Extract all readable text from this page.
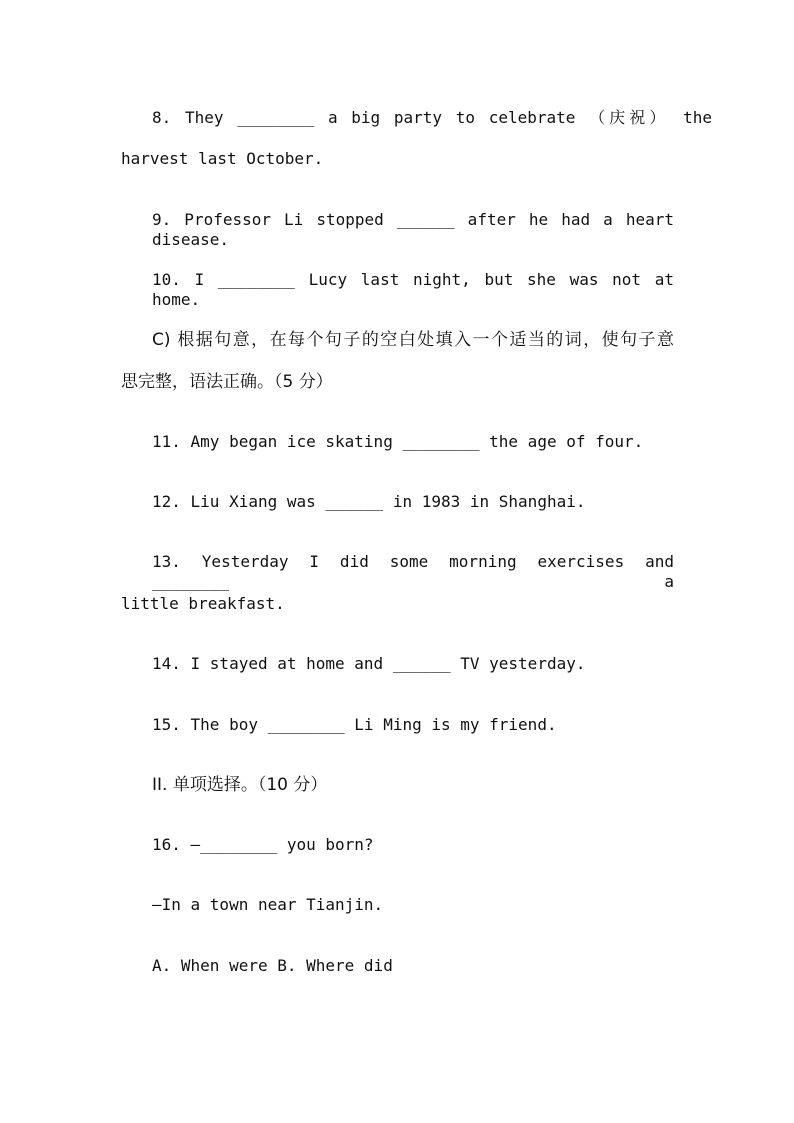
8. They ________ a big party to celebrate （庆祝） the
harvest last October.
9. Professor Li stopped ______ after he had a heart disease.
10. I ________ Lucy last night, but she was not at home.
C) 根据句意，在每个句子的空白处填入一个适当的词，使句子意
思完整，语法正确。（5 分）
11. Amy began ice skating ________ the age of four.
12. Liu Xiang was ______ in 1983 in Shanghai.
13. Yesterday I did some morning exercises and ________ a
little breakfast.
14. I stayed at home and ______ TV yesterday.
15. The boy ________ Li Ming is my friend.
II. 单项选择。（10 分）
16. —________ you born?
—In a town near Tianjin.
A. When were B. Where did
